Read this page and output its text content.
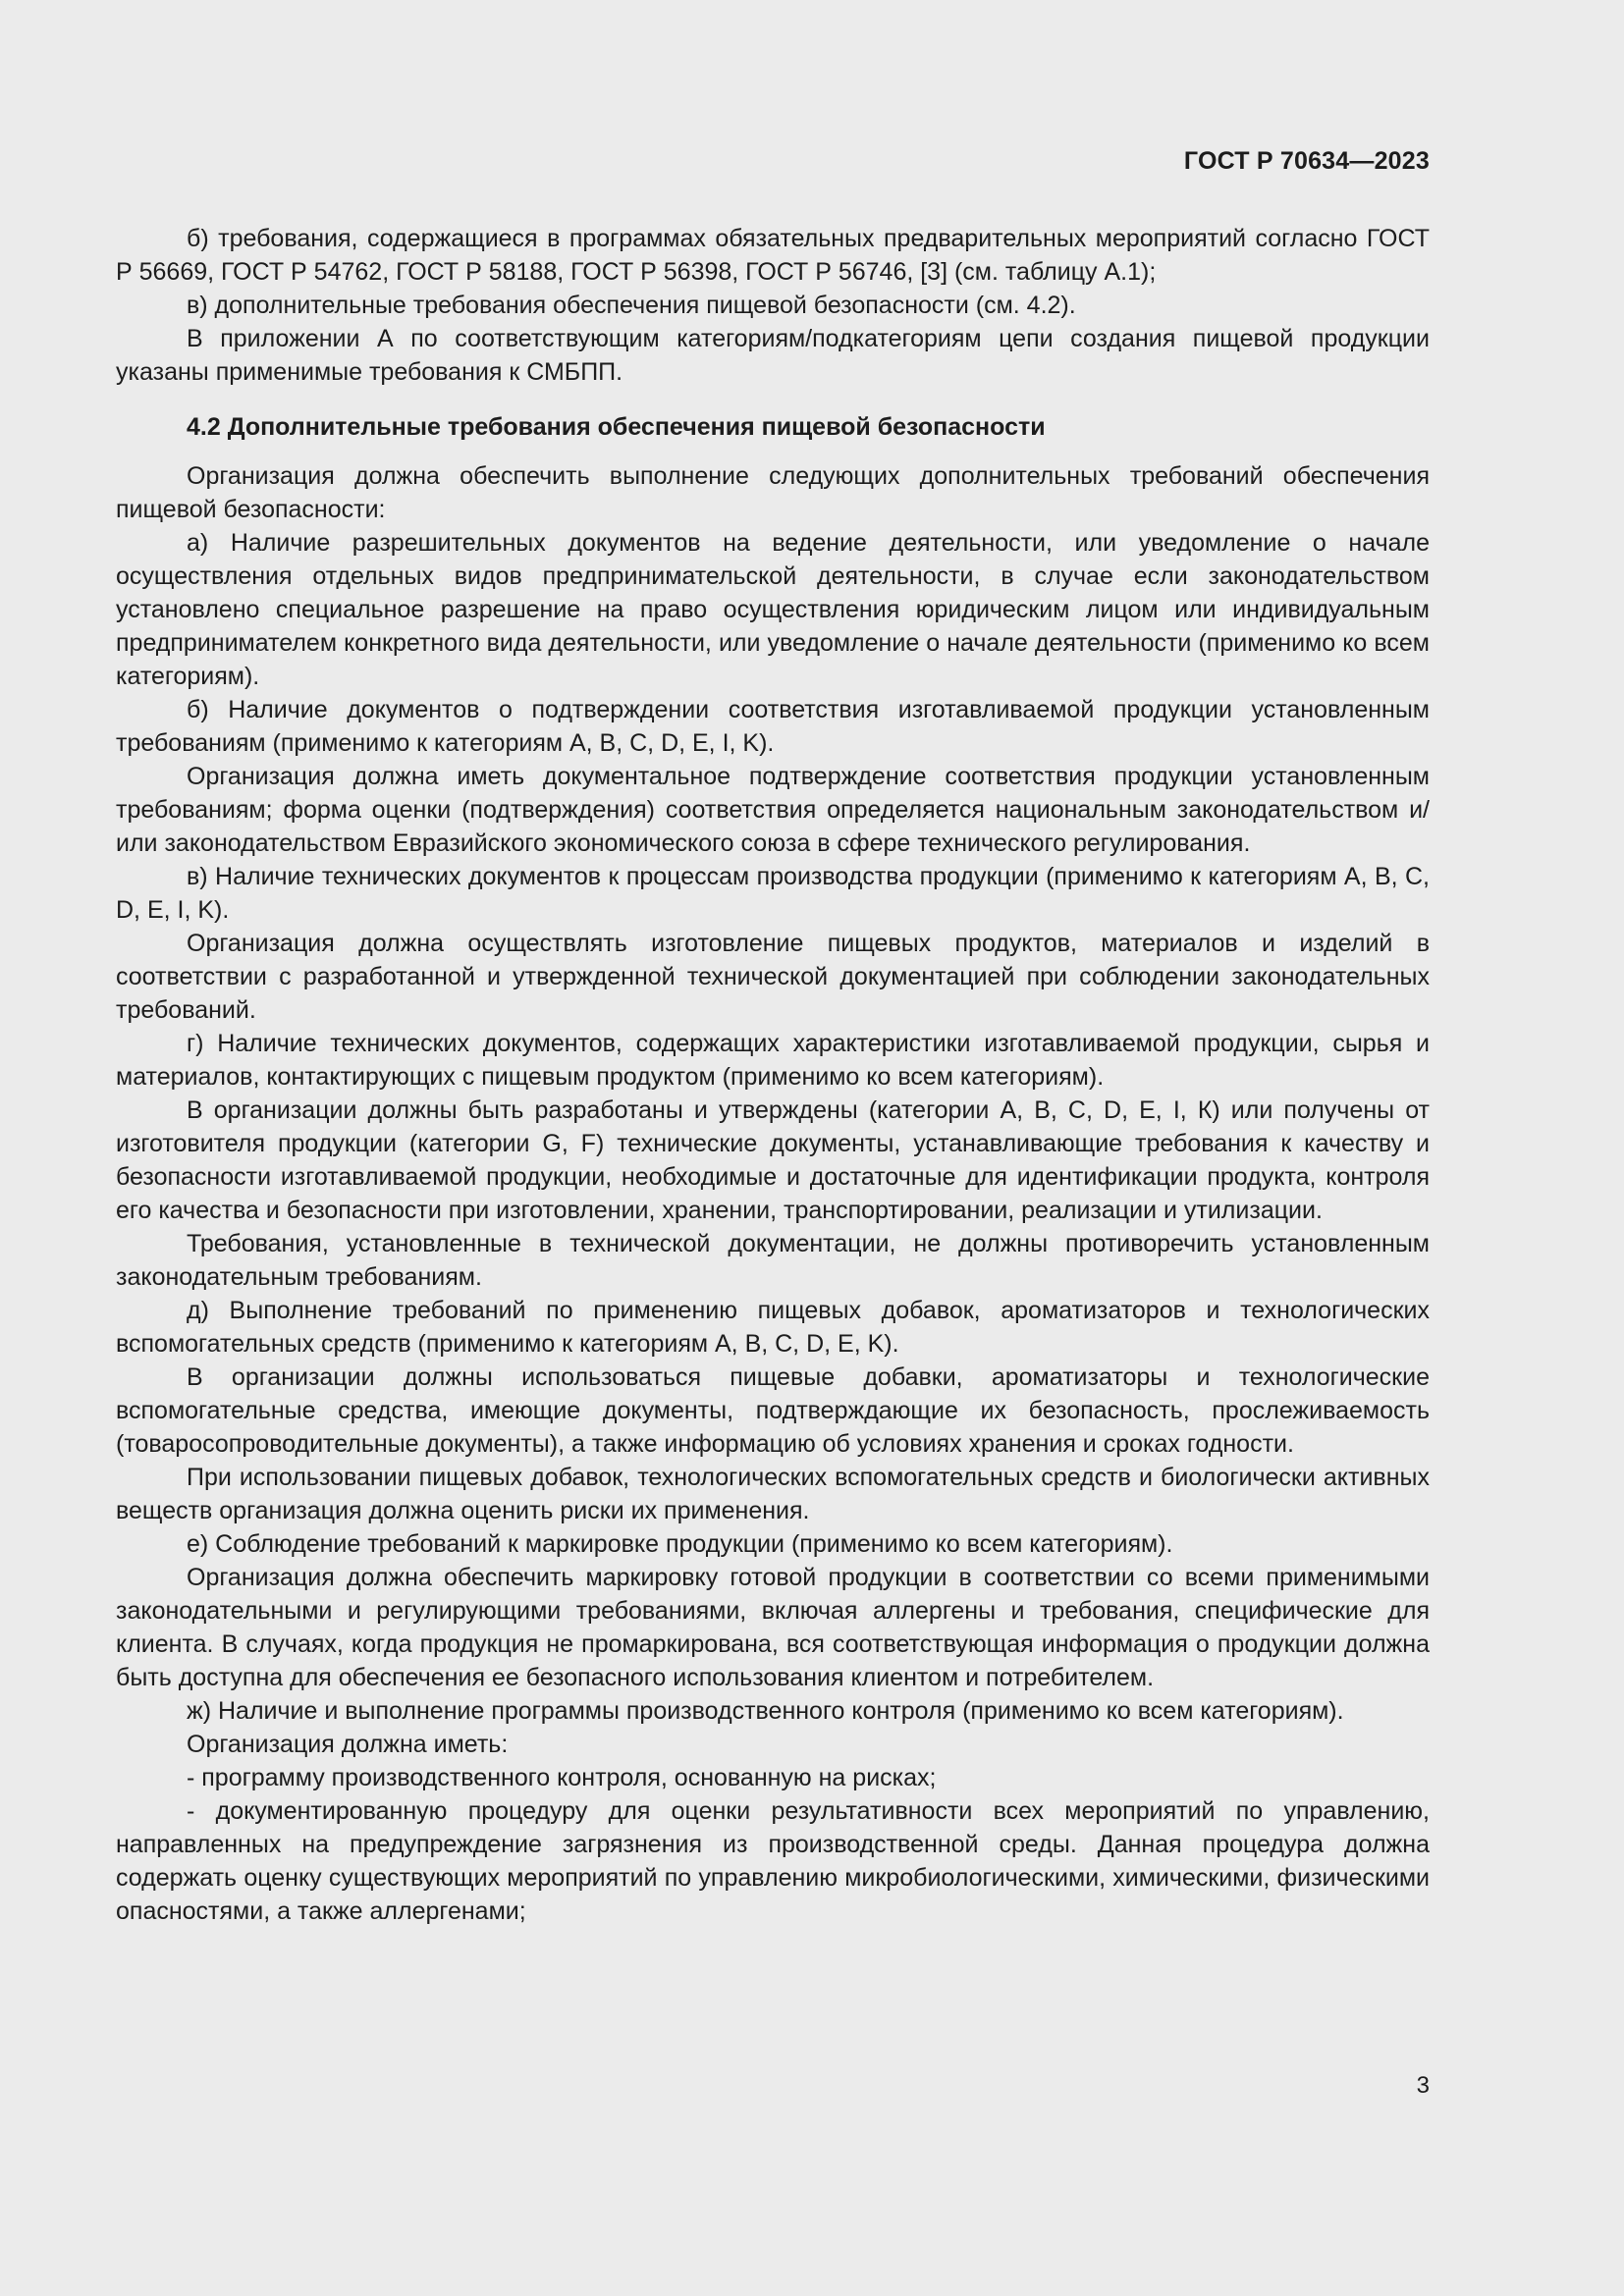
ГОСТ Р 70634—2023

б) требования, содержащиеся в программах обязательных предварительных мероприятий согласно ГОСТ Р 56669, ГОСТ Р 54762, ГОСТ Р 58188, ГОСТ Р 56398, ГОСТ Р 56746, [3] (см. таблицу А.1);

в) дополнительные требования обеспечения пищевой безопасности (см. 4.2).

В приложении А по соответствующим категориям/подкатегориям цепи создания пищевой продукции указаны применимые требования к СМБПП.

4.2 Дополнительные требования обеспечения пищевой безопасности

Организация должна обеспечить выполнение следующих дополнительных требований обеспечения пищевой безопасности:

а) Наличие разрешительных документов на ведение деятельности, или уведомление о начале осуществления отдельных видов предпринимательской деятельности, в случае если законодательством установлено специальное разрешение на право осуществления юридическим лицом или индивидуальным предпринимателем конкретного вида деятельности, или уведомление о начале деятельности (применимо ко всем категориям).

б) Наличие документов о подтверждении соответствия изготавливаемой продукции установленным требованиям (применимо к категориям A, B, C, D, E, I, K).

Организация должна иметь документальное подтверждение соответствия продукции установленным требованиям; форма оценки (подтверждения) соответствия определяется национальным законодательством и/или законодательством Евразийского экономического союза в сфере технического регулирования.

в) Наличие технических документов к процессам производства продукции (применимо к категориям A, B, C, D, E, I, K).

Организация должна осуществлять изготовление пищевых продуктов, материалов и изделий в соответствии с разработанной и утвержденной технической документацией при соблюдении законодательных требований.

г) Наличие технических документов, содержащих характеристики изготавливаемой продукции, сырья и материалов, контактирующих с пищевым продуктом (применимо ко всем категориям).

В организации должны быть разработаны и утверждены (категории A, B, C, D, E, I, К) или получены от изготовителя продукции (категории G, F) технические документы, устанавливающие требования к качеству и безопасности изготавливаемой продукции, необходимые и достаточные для идентификации продукта, контроля его качества и безопасности при изготовлении, хранении, транспортировании, реализации и утилизации.

Требования, установленные в технической документации, не должны противоречить установленным законодательным требованиям.

д) Выполнение требований по применению пищевых добавок, ароматизаторов и технологических вспомогательных средств (применимо к категориям A, B, C, D, E, K).

В организации должны использоваться пищевые добавки, ароматизаторы и технологические вспомогательные средства, имеющие документы, подтверждающие их безопасность, прослеживаемость (товаросопроводительные документы), а также информацию об условиях хранения и сроках годности.

При использовании пищевых добавок, технологических вспомогательных средств и биологически активных веществ организация должна оценить риски их применения.

е) Соблюдение требований к маркировке продукции (применимо ко всем категориям).

Организация должна обеспечить маркировку готовой продукции в соответствии со всеми применимыми законодательными и регулирующими требованиями, включая аллергены и требования, специфические для клиента. В случаях, когда продукция не промаркирована, вся соответствующая информация о продукции должна быть доступна для обеспечения ее безопасного использования клиентом и потребителем.

ж) Наличие и выполнение программы производственного контроля (применимо ко всем категориям).

Организация должна иметь:

- программу производственного контроля, основанную на рисках;

- документированную процедуру для оценки результативности всех мероприятий по управлению, направленных на предупреждение загрязнения из производственной среды. Данная процедура должна содержать оценку существующих мероприятий по управлению микробиологическими, химическими, физическими опасностями, а также аллергенами;

3
